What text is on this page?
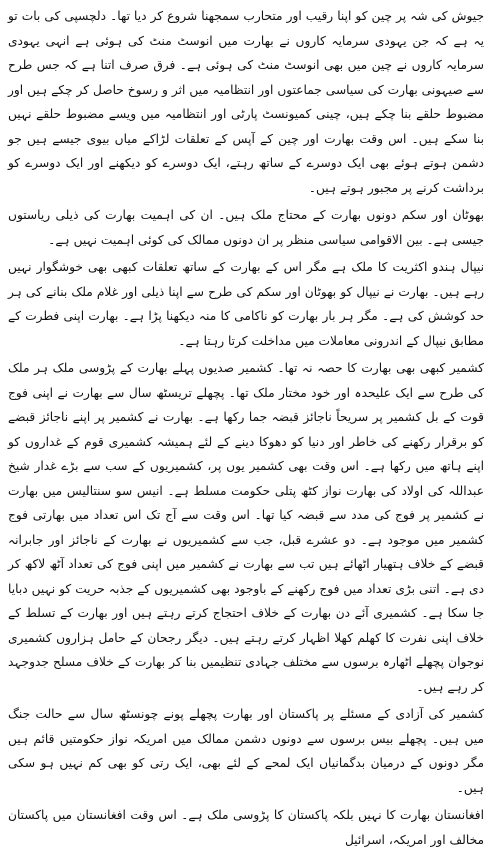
جیوش کی شہ پر چین کو اپنا رقیب اور متحارب سمجھنا شروع کر دیا تھا۔ دلچسپی کی بات تو یہ ہے کہ جن یہودی سرمایہ کاروں نے بھارت میں انوسٹ منٹ کی ہوئی ہے انہی یہودی سرمایہ کاروں نے چین میں بھی انوسٹ منٹ کی ہوئی ہے۔ فرق صرف اتنا ہے کہ جس طرح سے صیہونی بھارت کی سیاسی جماعتوں اور انتظامیہ میں اثر و رسوخ حاصل کر چکے ہیں اور مضبوط حلقے بنا چکے ہیں، چینی کمیونسٹ پارٹی اور انتظامیہ میں ویسے مضبوط حلقے نہیں بنا سکے ہیں۔ اس وقت بھارت اور چین کے آپس کے تعلقات لڑاکے میاں بیوی جیسے ہیں جو دشمن ہوتے ہوئے بھی ایک دوسرے کے ساتھ رہتے، ایک دوسرے کو دیکھنے اور ایک دوسرے کو برداشت کرنے پر مجبور ہوتے ہیں۔

بھوٹان اور سکم دونوں بھارت کے محتاج ملک ہیں۔ ان کی اہمیت بھارت کی ذیلی ریاستوں جیسی ہے۔ بین الاقوامی سیاسی منظر پر ان دونوں ممالک کی کوئی اہمیت نہیں ہے۔

نیپال ہندو اکثریت کا ملک ہے مگر اس کے بھارت کے ساتھ تعلقات کبھی بھی خوشگوار نہیں رہے ہیں۔ بھارت نے نیپال کو بھوٹان اور سکم کی طرح سے اپنا ذیلی اور غلام ملک بنانے کی ہر حد کوشش کی ہے۔ مگر ہر بار بھارت کو ناکامی کا منہ دیکھنا پڑا ہے۔ بھارت اپنی فطرت کے مطابق نیپال کے اندرونی معاملات میں مداخلت کرتا رہتا ہے۔

کشمیر کبھی بھی بھارت کا حصہ نہ تھا۔ کشمیر صدیوں پہلے بھارت کے پڑوسی ملک ہر ملک کی طرح سے ایک علیحدہ اور خود مختار ملک تھا۔ پچھلے تریسٹھ سال سے بھارت نے اپنی فوج قوت کے بل کشمیر پر سریحاً ناجائز قبضہ جما رکھا ہے۔ بھارت نے کشمیر پر اپنے ناجائز قبضے کو برقرار رکھنے کی خاطر اور دنیا کو دھوکا دینے کے لئے ہمیشہ کشمیری قوم کے غداروں کو اپنے ہاتھ میں رکھا ہے۔ اس وقت بھی کشمیر یوں پر، کشمیریوں کے سب سے بڑے غدار شیخ عبداللہ کی اولاد کی بھارت نواز کٹھ پتلی حکومت مسلط ہے۔ انیس سو سنتالیس میں بھارت نے کشمیر پر فوج کی مدد سے قبضہ کیا تھا۔ اس وقت سے آج تک اس تعداد میں بھارتی فوج کشمیر میں موجود ہے۔ دو عشرے قبل، جب سے کشمیریوں نے بھارت کے ناجائز اور جابرانہ قبضے کے خلاف ہتھیار اٹھائے ہیں تب سے بھارت نے کشمیر میں اپنی فوج کی تعداد آٹھ لاکھ کر دی ہے۔ اتنی بڑی تعداد میں فوج رکھنے کے باوجود بھی کشمیریوں کے جذبہ حریت کو نہیں دبایا جا سکا ہے۔ کشمیری آئے دن بھارت کے خلاف احتجاج کرتے رہتے ہیں اور بھارت کے تسلط کے خلاف اپنی نفرت کا کھلم کھلا اظہار کرتے رہتے ہیں۔ دیگر رجحان کے حامل ہزاروں کشمیری نوجوان پچھلے اٹھارہ برسوں سے مختلف جہادی تنظیمیں بنا کر بھارت کے خلاف مسلح جدوجہد کر رہے ہیں۔

کشمیر کی آزادی کے مسئلے پر پاکستان اور بھارت پچھلے پونے چونسٹھ سال سے حالت جنگ میں ہیں۔ پچھلے بیس برسوں سے دونوں دشمن ممالک میں امریکہ نواز حکومتیں قائم ہیں مگر دونوں کے درمیان بدگمانیاں ایک لمحے کے لئے بھی، ایک رتی کو بھی کم نہیں ہو سکی ہیں۔

افغانستان بھارت کا نہیں بلکہ پاکستان کا پڑوسی ملک ہے۔ اس وقت افغانستان میں پاکستان مخالف اور امریکہ، اسرائیل
